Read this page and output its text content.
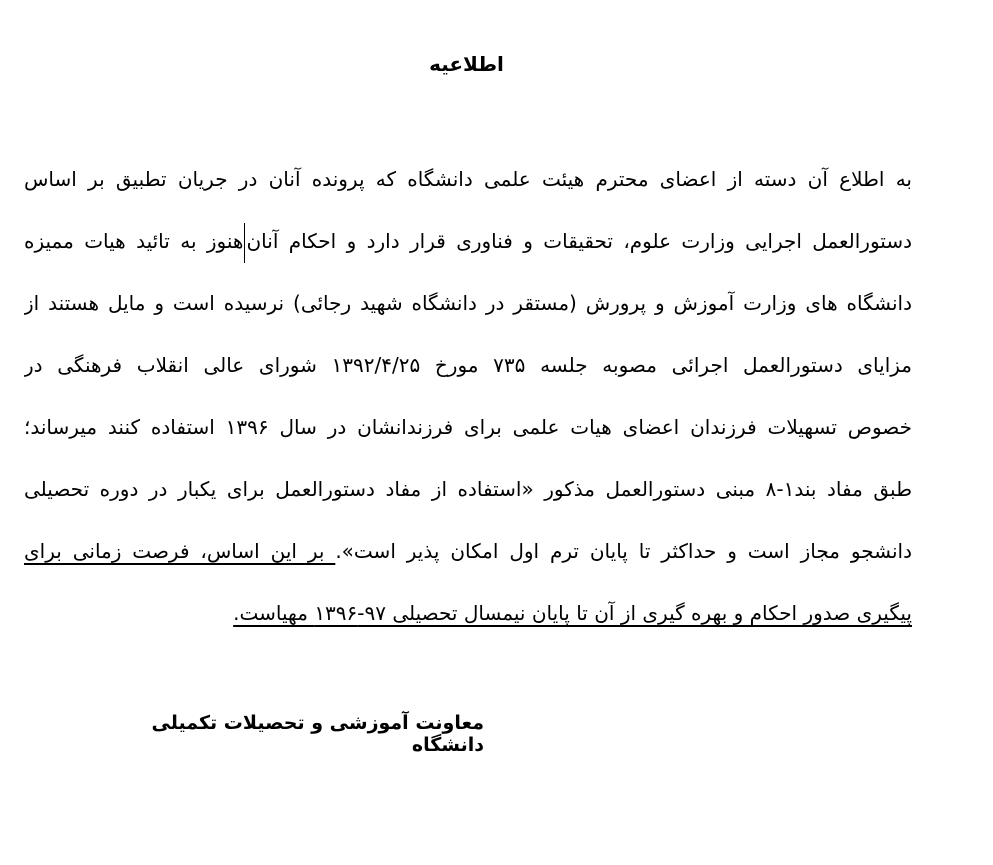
اطلاعیه
به اطلاع آن دسته از اعضای محترم هیئت علمی دانشگاه که پرونده آنان در جریان تطبیق بر اساس
دستورالعمل اجرایی وزارت علوم، تحقیقات و فناوری قرار دارد و احکام آنانهنوز به تائید هیات ممیزه
دانشگاه های وزارت آموزش و پرورش (مستقر در دانشگاه شهید رجائی) نرسیده است و مایل هستند از
مزایای دستورالعمل اجرائی مصوبه جلسه ۷۳۵ مورخ ۱۳۹۲/۴/۲۵ شورای عالی انقلاب فرهنگی در
خصوص تسهیلات فرزندان اعضای هیات علمی برای فرزندانشان در سال ۱۳۹۶ استفاده کنند میرساند؛
طبق مفاد بند۱-۸ مبنی دستورالعمل مذکور «استفاده از مفاد دستورالعمل برای یکبار در دوره تحصیلی
دانشجو مجاز است و حداکثر تا پایان ترم اول امکان پذیر است». بر این اساس، فرصت زمانی برای
پیگیری صدور احکام و بهره گیری از آن تا پایان نیمسال تحصیلی ۹۷-۱۳۹۶ مهیاست.
معاونت آموزشی و تحصیلات تکمیلی دانشگاه
